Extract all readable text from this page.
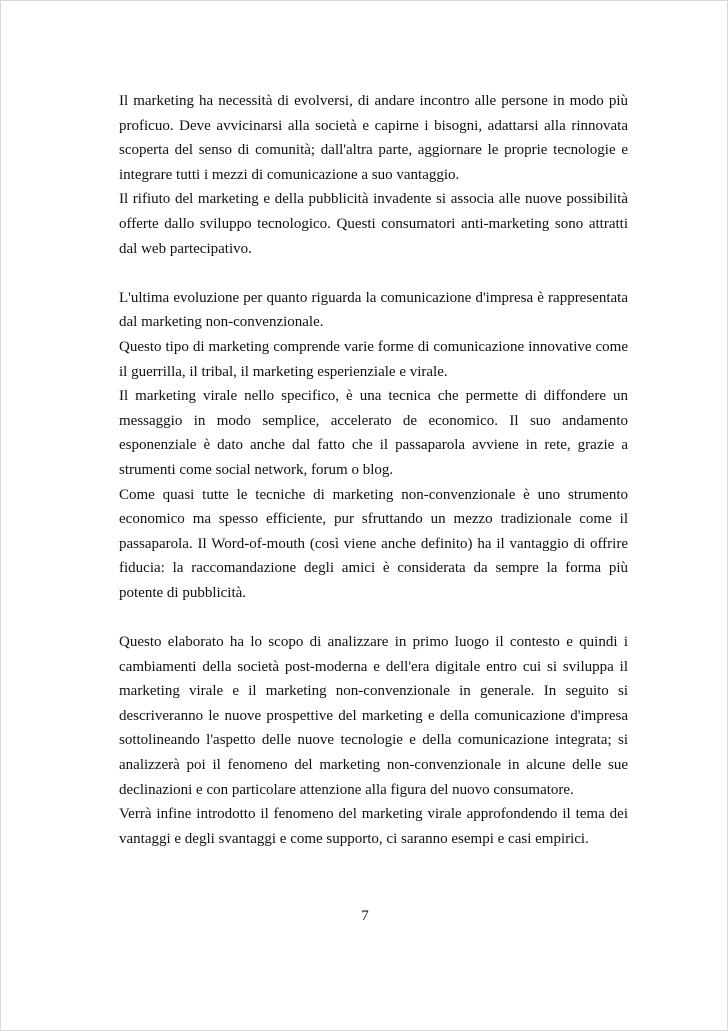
Il marketing ha necessità di evolversi, di andare incontro alle persone in modo più proficuo. Deve avvicinarsi alla società e capirne i bisogni, adattarsi alla rinnovata scoperta del senso di comunità; dall'altra parte, aggiornare le proprie tecnologie e integrare tutti i mezzi di comunicazione a suo vantaggio.

Il rifiuto del marketing e della pubblicità invadente si associa alle nuove possibilità offerte dallo sviluppo tecnologico. Questi consumatori anti-marketing sono attratti dal web partecipativo.

L'ultima evoluzione per quanto riguarda la comunicazione d'impresa è rappresentata dal marketing non-convenzionale.

Questo tipo di marketing comprende varie forme di comunicazione innovative come il guerrilla, il tribal, il marketing esperienziale e virale.

Il marketing virale nello specifico, è una tecnica che permette di diffondere un messaggio in modo semplice, accelerato de economico. Il suo andamento esponenziale è dato anche dal fatto che il passaparola avviene in rete, grazie a strumenti come social network, forum o blog.

Come quasi tutte le tecniche di marketing non-convenzionale è uno strumento economico ma spesso efficiente, pur sfruttando un mezzo tradizionale come il passaparola. Il Word-of-mouth (così viene anche definito) ha il vantaggio di offrire fiducia: la raccomandazione degli amici è considerata da sempre la forma più potente di pubblicità.

Questo elaborato ha lo scopo di analizzare in primo luogo il contesto e quindi i cambiamenti della società post-moderna e dell'era digitale entro cui si sviluppa il marketing virale e il marketing non-convenzionale in generale. In seguito si descriveranno le nuove prospettive del marketing e della comunicazione d'impresa sottolineando l'aspetto delle nuove tecnologie e della comunicazione integrata; si analizzerà poi il fenomeno del marketing non-convenzionale in alcune delle sue declinazioni e con particolare attenzione alla figura del nuovo consumatore.

Verrà infine introdotto il fenomeno del marketing virale approfondendo il tema dei vantaggi e degli svantaggi e come supporto, ci saranno esempi e casi empirici.

7
